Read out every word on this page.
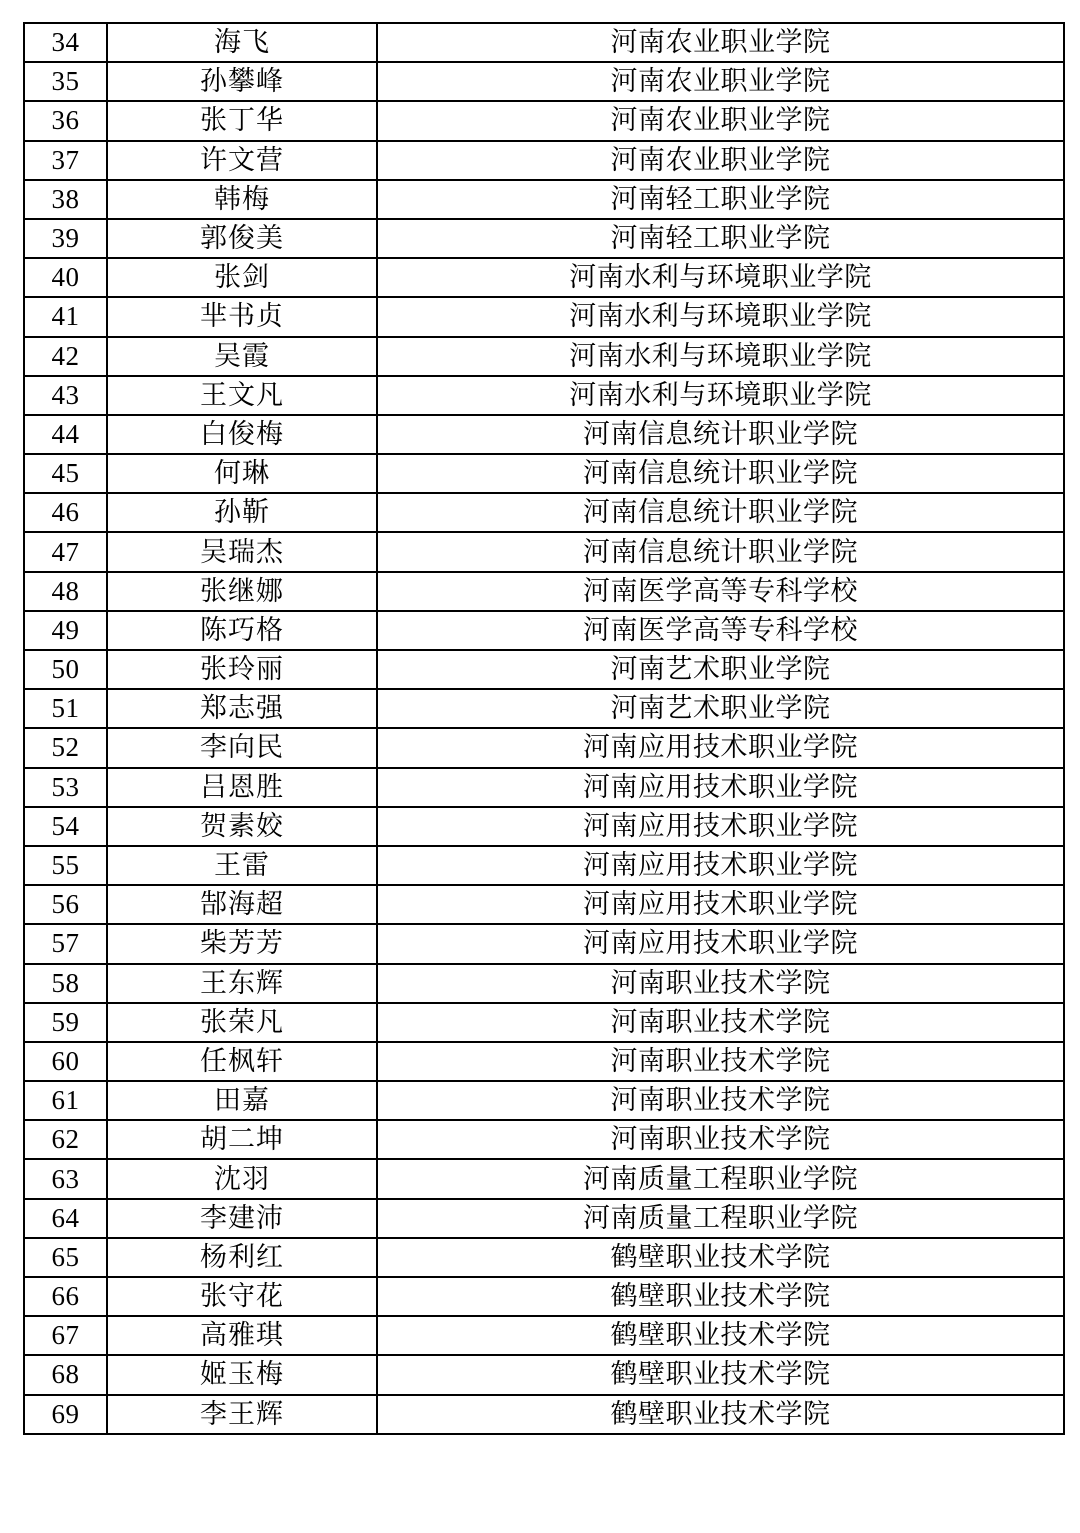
34	海飞	河南农业职业学院
35	孙攀峰	河南农业职业学院
36	张丁华	河南农业职业学院
37	许文营	河南农业职业学院
38	韩梅	河南轻工职业学院
39	郭俊美	河南轻工职业学院
40	张剑	河南水利与环境职业学院
41	芈书贞	河南水利与环境职业学院
42	吴霞	河南水利与环境职业学院
43	王文凡	河南水利与环境职业学院
44	白俊梅	河南信息统计职业学院
45	何琳	河南信息统计职业学院
46	孙靳	河南信息统计职业学院
47	吴瑞杰	河南信息统计职业学院
48	张继娜	河南医学高等专科学校
49	陈巧格	河南医学高等专科学校
50	张玲丽	河南艺术职业学院
51	郑志强	河南艺术职业学院
52	李向民	河南应用技术职业学院
53	吕恩胜	河南应用技术职业学院
54	贺素姣	河南应用技术职业学院
55	王雷	河南应用技术职业学院
56	郜海超	河南应用技术职业学院
57	柴芳芳	河南应用技术职业学院
58	王东辉	河南职业技术学院
59	张荣凡	河南职业技术学院
60	任枫轩	河南职业技术学院
61	田嘉	河南职业技术学院
62	胡二坤	河南职业技术学院
63	沈羽	河南质量工程职业学院
64	李建沛	河南质量工程职业学院
65	杨利红	鹤壁职业技术学院
66	张守花	鹤壁职业技术学院
67	高雅琪	鹤壁职业技术学院
68	姬玉梅	鹤壁职业技术学院
69	李王辉	鹤壁职业技术学院
